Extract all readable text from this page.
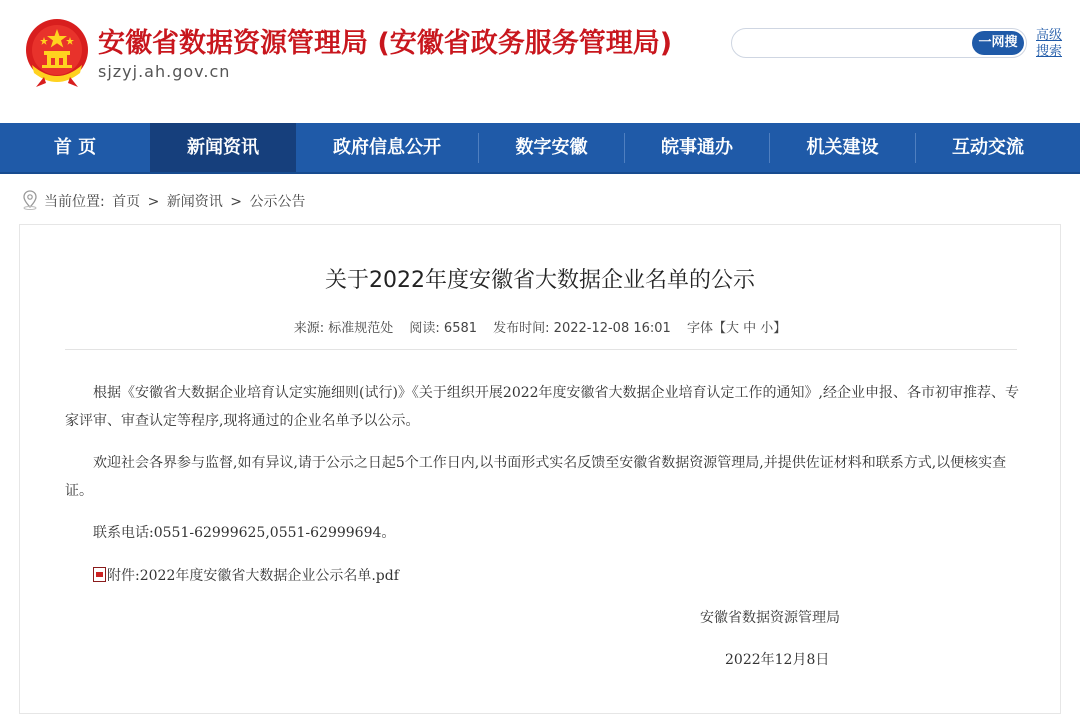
安徽省数据资源管理局 (安徽省政务服务管理局)
sjzyj.ah.gov.cn
一网搜	高级搜索
首 页	新闻资讯	政府信息公开	数字安徽	皖事通办	机关建设	互动交流
当前位置: 首页 > 新闻资讯 > 公示公告
关于2022年度安徽省大数据企业名单的公示
来源: 标准规范处 阅读: 6581 发布时间: 2022-12-08 16:01 字体【大 中 小】
根据《安徽省大数据企业培育认定实施细则(试行)》《关于组织开展2022年度安徽省大数据企业培育认定工作的通知》,经企业申报、各市初审推荐、专家评审、审查认定等程序,现将通过的企业名单予以公示。
欢迎社会各界参与监督,如有异议,请于公示之日起5个工作日内,以书面形式实名反馈至安徽省数据资源管理局,并提供佐证材料和联系方式,以便核实查证。
联系电话:0551-62999625,0551-62999694。
附件:2022年度安徽省大数据企业公示名单.pdf
安徽省数据资源管理局
2022年12月8日
